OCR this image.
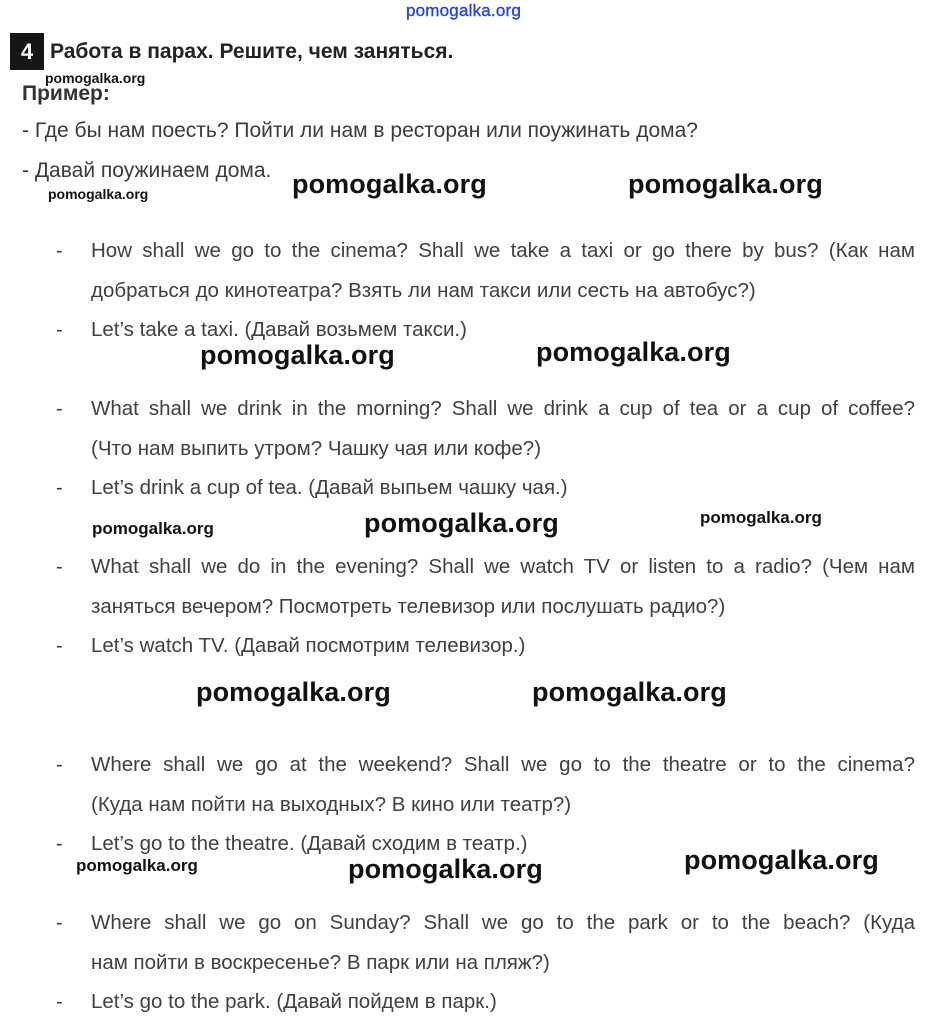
pomogalka.org
4 Работа в парах. Решите, чем заняться.
pomogalka.org
Пример:
- Где бы нам поесть? Пойти ли нам в ресторан или поужинать дома?
- Давай поужинаем дома.
pomogalka.org	pomogalka.org	pomogalka.org
- How shall we go to the cinema? Shall we take a taxi or go there by bus? (Как нам
добраться до кинотеатра? Взять ли нам такси или сесть на автобус?)
- Let’s take a taxi. (Давай возьмем такси.)
pomogalka.org	pomogalka.org
- What shall we drink in the morning? Shall we drink a cup of tea or a cup of coffee?
(Что нам выпить утром? Чашку чая или кофе?)
- Let’s drink a cup of tea. (Давай выпьем чашку чая.)
pomogalka.org	pomogalka.org	pomogalka.org
- What shall we do in the evening? Shall we watch TV or listen to a radio? (Чем нам
заняться вечером? Посмотреть телевизор или послушать радио?)
- Let’s watch TV. (Давай посмотрим телевизор.)
pomogalka.org	pomogalka.org
- Where shall we go at the weekend? Shall we go to the theatre or to the cinema?
(Куда нам пойти на выходных? В кино или театр?)
- Let’s go to the theatre. (Давай сходим в театр.)
pomogalka.org	pomogalka.org	pomogalka.org
- Where shall we go on Sunday? Shall we go to the park or to the beach? (Куда
нам пойти в воскресенье? В парк или на пляж?)
- Let’s go to the park. (Давай пойдем в парк.)
